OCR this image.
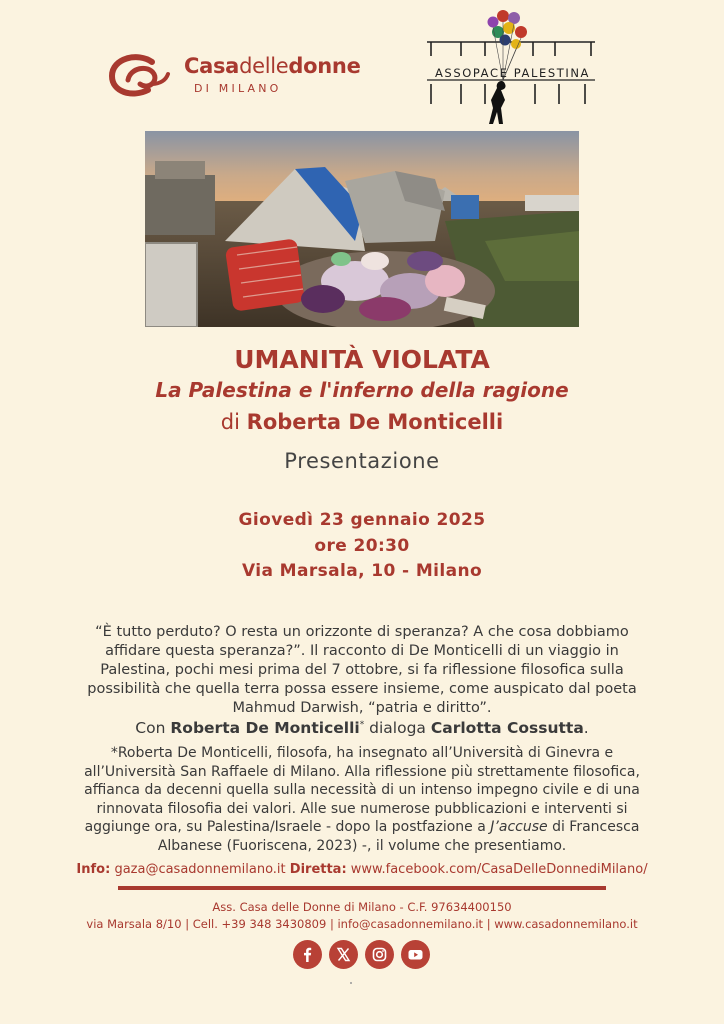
Casadelledonne
DI MILANO
ASSOPACE PALESTINA
UMANITÀ VIOLATA
La Palestina e l'inferno della ragione
di Roberta De Monticelli
Presentazione
Giovedì 23 gennaio 2025
ore 20:30
Via Marsala, 10 - Milano
“È tutto perduto? O resta un orizzonte di speranza? A che cosa dobbiamo affidare questa speranza?”. Il racconto di De Monticelli di un viaggio in Palestina, pochi mesi prima del 7 ottobre, si fa riflessione filosofica sulla possibilità che quella terra possa essere insieme, come auspicato dal poeta Mahmud Darwish, “patria e diritto”.
Con Roberta De Monticelli* dialoga Carlotta Cossutta.
*Roberta De Monticelli, filosofa, ha insegnato all’Università di Ginevra e all’Università San Raffaele di Milano. Alla riflessione più strettamente filosofica, affianca da decenni quella sulla necessità di un intenso impegno civile e di una rinnovata filosofia dei valori. Alle sue numerose pubblicazioni e interventi si aggiunge ora, su Palestina/Israele - dopo la postfazione a J’accuse di Francesca Albanese (Fuoriscena, 2023) -, il volume che presentiamo.
Info: gaza@casadonnemilano.it Diretta: www.facebook.com/CasaDelleDonnediMilano/
Ass. Casa delle Donne di Milano - C.F. 97634400150
via Marsala 8/10 | Cell. +39 348 3430809 | info@casadonnemilano.it | www.casadonnemilano.it
